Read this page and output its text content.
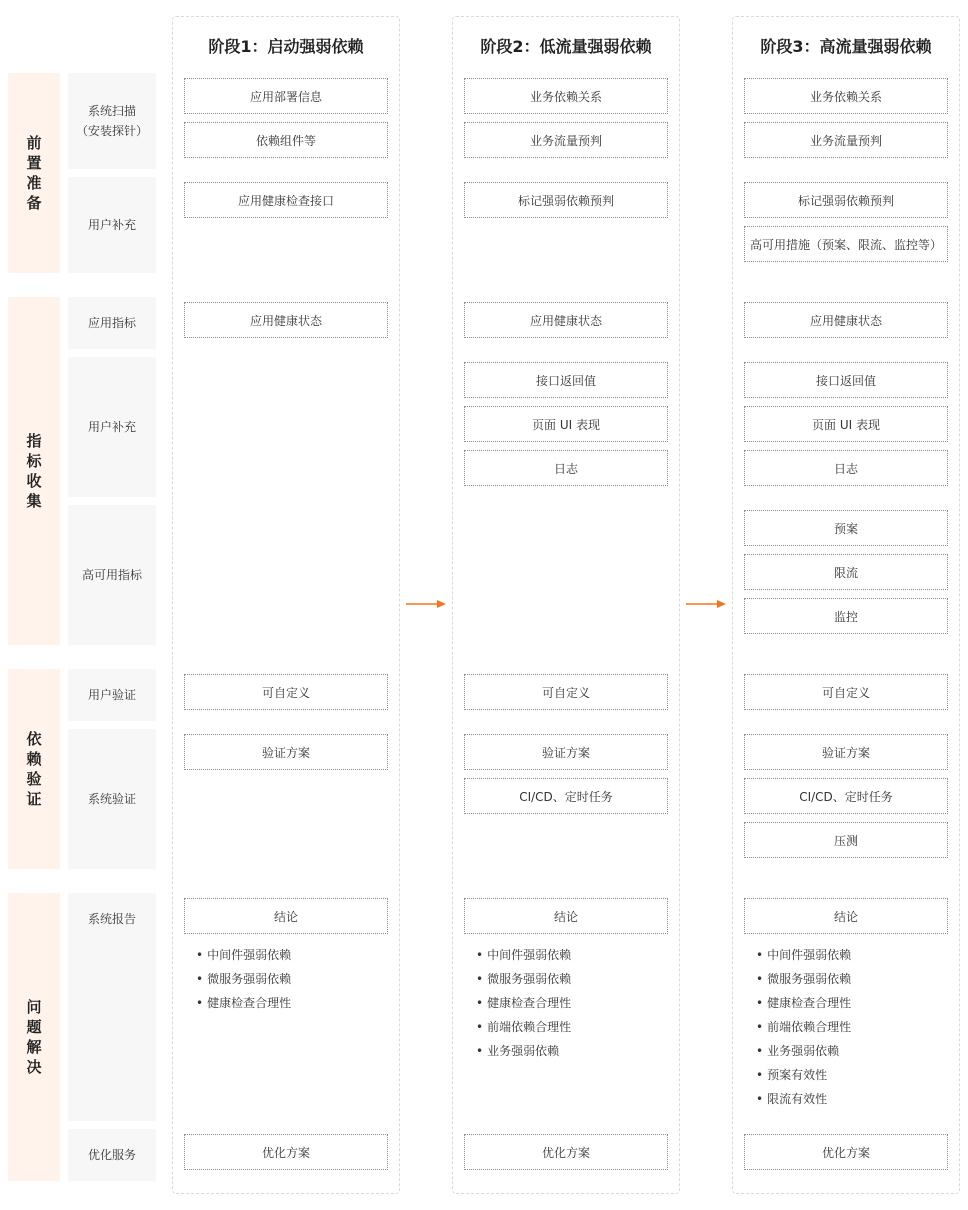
前置准备
指标收集
依赖验证
问题解决
系统扫描
（安装探针）
用户补充
应用指标
用户补充
高可用指标
用户验证
系统验证
系统报告
优化服务
阶段1：启动强弱依赖	阶段2：低流量强弱依赖	阶段3：高流量强弱依赖
应用部署信息
依赖组件等
应用健康检查接口
应用健康状态
可自定义
验证方案
结论
• 中间件强弱依赖
• 微服务强弱依赖
• 健康检查合理性
优化方案
业务依赖关系
业务流量预判
标记强弱依赖预判
应用健康状态
接口返回值
页面 UI 表现
日志
可自定义
验证方案
CI/CD、定时任务
结论
• 中间件强弱依赖
• 微服务强弱依赖
• 健康检查合理性
• 前端依赖合理性
• 业务强弱依赖
优化方案
业务依赖关系
业务流量预判
标记强弱依赖预判
高可用措施（预案、限流、监控等）
应用健康状态
接口返回值
页面 UI 表现
日志
预案
限流
监控
可自定义
验证方案
CI/CD、定时任务
压测
结论
• 中间件强弱依赖
• 微服务强弱依赖
• 健康检查合理性
• 前端依赖合理性
• 业务强弱依赖
• 预案有效性
• 限流有效性
优化方案
